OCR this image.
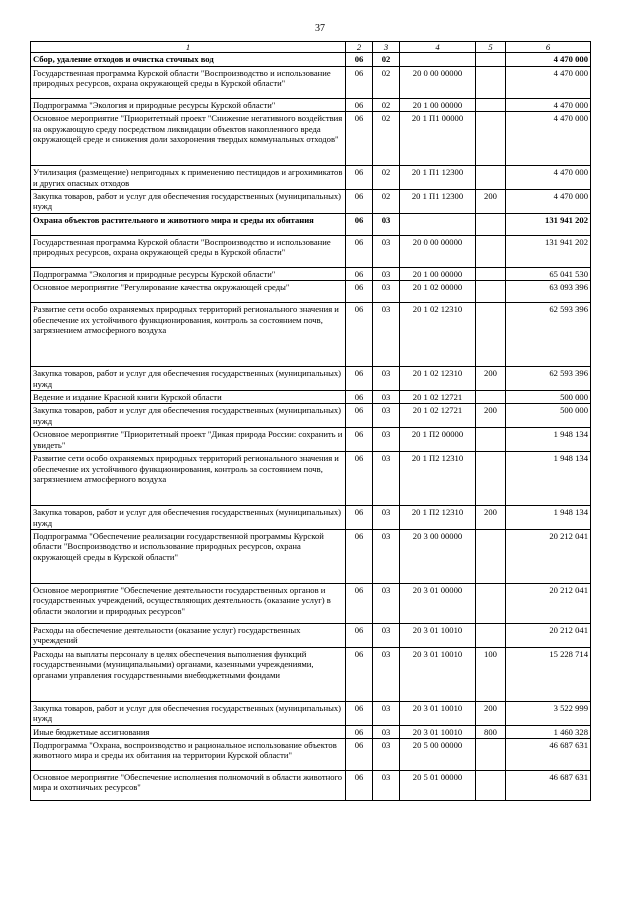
37
1	2	3	4	5	6
Сбор, удаление отходов и очистка сточных вод	06	02			4 470 000
Государственная программа Курской области "Воспроизводство и использование природных ресурсов, охрана окружающей среды в Курской области"	06	02	20 0 00 00000		4 470 000
Подпрограмма "Экология и природные ресурсы Курской области"	06	02	20 1 00 00000		4 470 000
Основное мероприятие "Приоритетный проект "Снижение негативного воздействия на окружающую среду посредством ликвидации объектов накопленного вреда окружающей среде и снижения доли захоронения твердых коммунальных отходов"	06	02	20 1 П1 00000		4 470 000
Утилизация (размещение) непригодных к применению пестицидов и агрохимикатов и других опасных отходов	06	02	20 1 П1 12300		4 470 000
Закупка товаров, работ и услуг для обеспечения государственных (муниципальных) нужд	06	02	20 1 П1 12300	200	4 470 000
Охрана объектов растительного и животного мира и среды их обитания	06	03			131 941 202
Государственная программа Курской области "Воспроизводство и использование природных ресурсов, охрана окружающей среды в Курской области"	06	03	20 0 00 00000		131 941 202
Подпрограмма "Экология и природные ресурсы Курской области"	06	03	20 1 00 00000		65 041 530
Основное мероприятие "Регулирование качества окружающей среды"	06	03	20 1 02 00000		63 093 396
Развитие сети особо охраняемых природных территорий регионального значения и обеспечение их устойчивого функционирования, контроль за состоянием почв, загрязнением атмосферного воздуха	06	03	20 1 02 12310		62 593 396
Закупка товаров, работ и услуг для обеспечения государственных (муниципальных) нужд	06	03	20 1 02 12310	200	62 593 396
Ведение и издание Красной книги Курской области	06	03	20 1 02 12721		500 000
Закупка товаров, работ и услуг для обеспечения государственных (муниципальных) нужд	06	03	20 1 02 12721	200	500 000
Основное мероприятие "Приоритетный проект "Дикая природа России: сохранить и увидеть"	06	03	20 1 П2 00000		1 948 134
Развитие сети особо охраняемых природных территорий регионального значения и обеспечение их устойчивого функционирования, контроль за состоянием почв, загрязнением атмосферного воздуха	06	03	20 1 П2 12310		1 948 134
Закупка товаров, работ и услуг для обеспечения государственных (муниципальных) нужд	06	03	20 1 П2 12310	200	1 948 134
Подпрограмма "Обеспечение реализации государственной программы Курской области "Воспроизводство и использование природных ресурсов, охрана окружающей среды в Курской области"	06	03	20 3 00 00000		20 212 041
Основное мероприятие "Обеспечение деятельности государственных органов и государственных учреждений, осуществляющих деятельность (оказание услуг) в области экологии и природных ресурсов"	06	03	20 3 01 00000		20 212 041
Расходы на обеспечение деятельности (оказание услуг) государственных учреждений	06	03	20 3 01 10010		20 212 041
Расходы на выплаты персоналу в целях обеспечения выполнения функций государственными (муниципальными) органами, казенными учреждениями, органами управления государственными внебюджетными фондами	06	03	20 3 01 10010	100	15 228 714
Закупка товаров, работ и услуг для обеспечения государственных (муниципальных) нужд	06	03	20 3 01 10010	200	3 522 999
Иные бюджетные ассигнования	06	03	20 3 01 10010	800	1 460 328
Подпрограмма "Охрана, воспроизводство и рациональное использование объектов животного мира и среды их обитания на территории Курской области"	06	03	20 5 00 00000		46 687 631
Основное мероприятие "Обеспечение исполнения полномочий в области животного мира и охотничьих ресурсов"	06	03	20 5 01 00000		46 687 631
